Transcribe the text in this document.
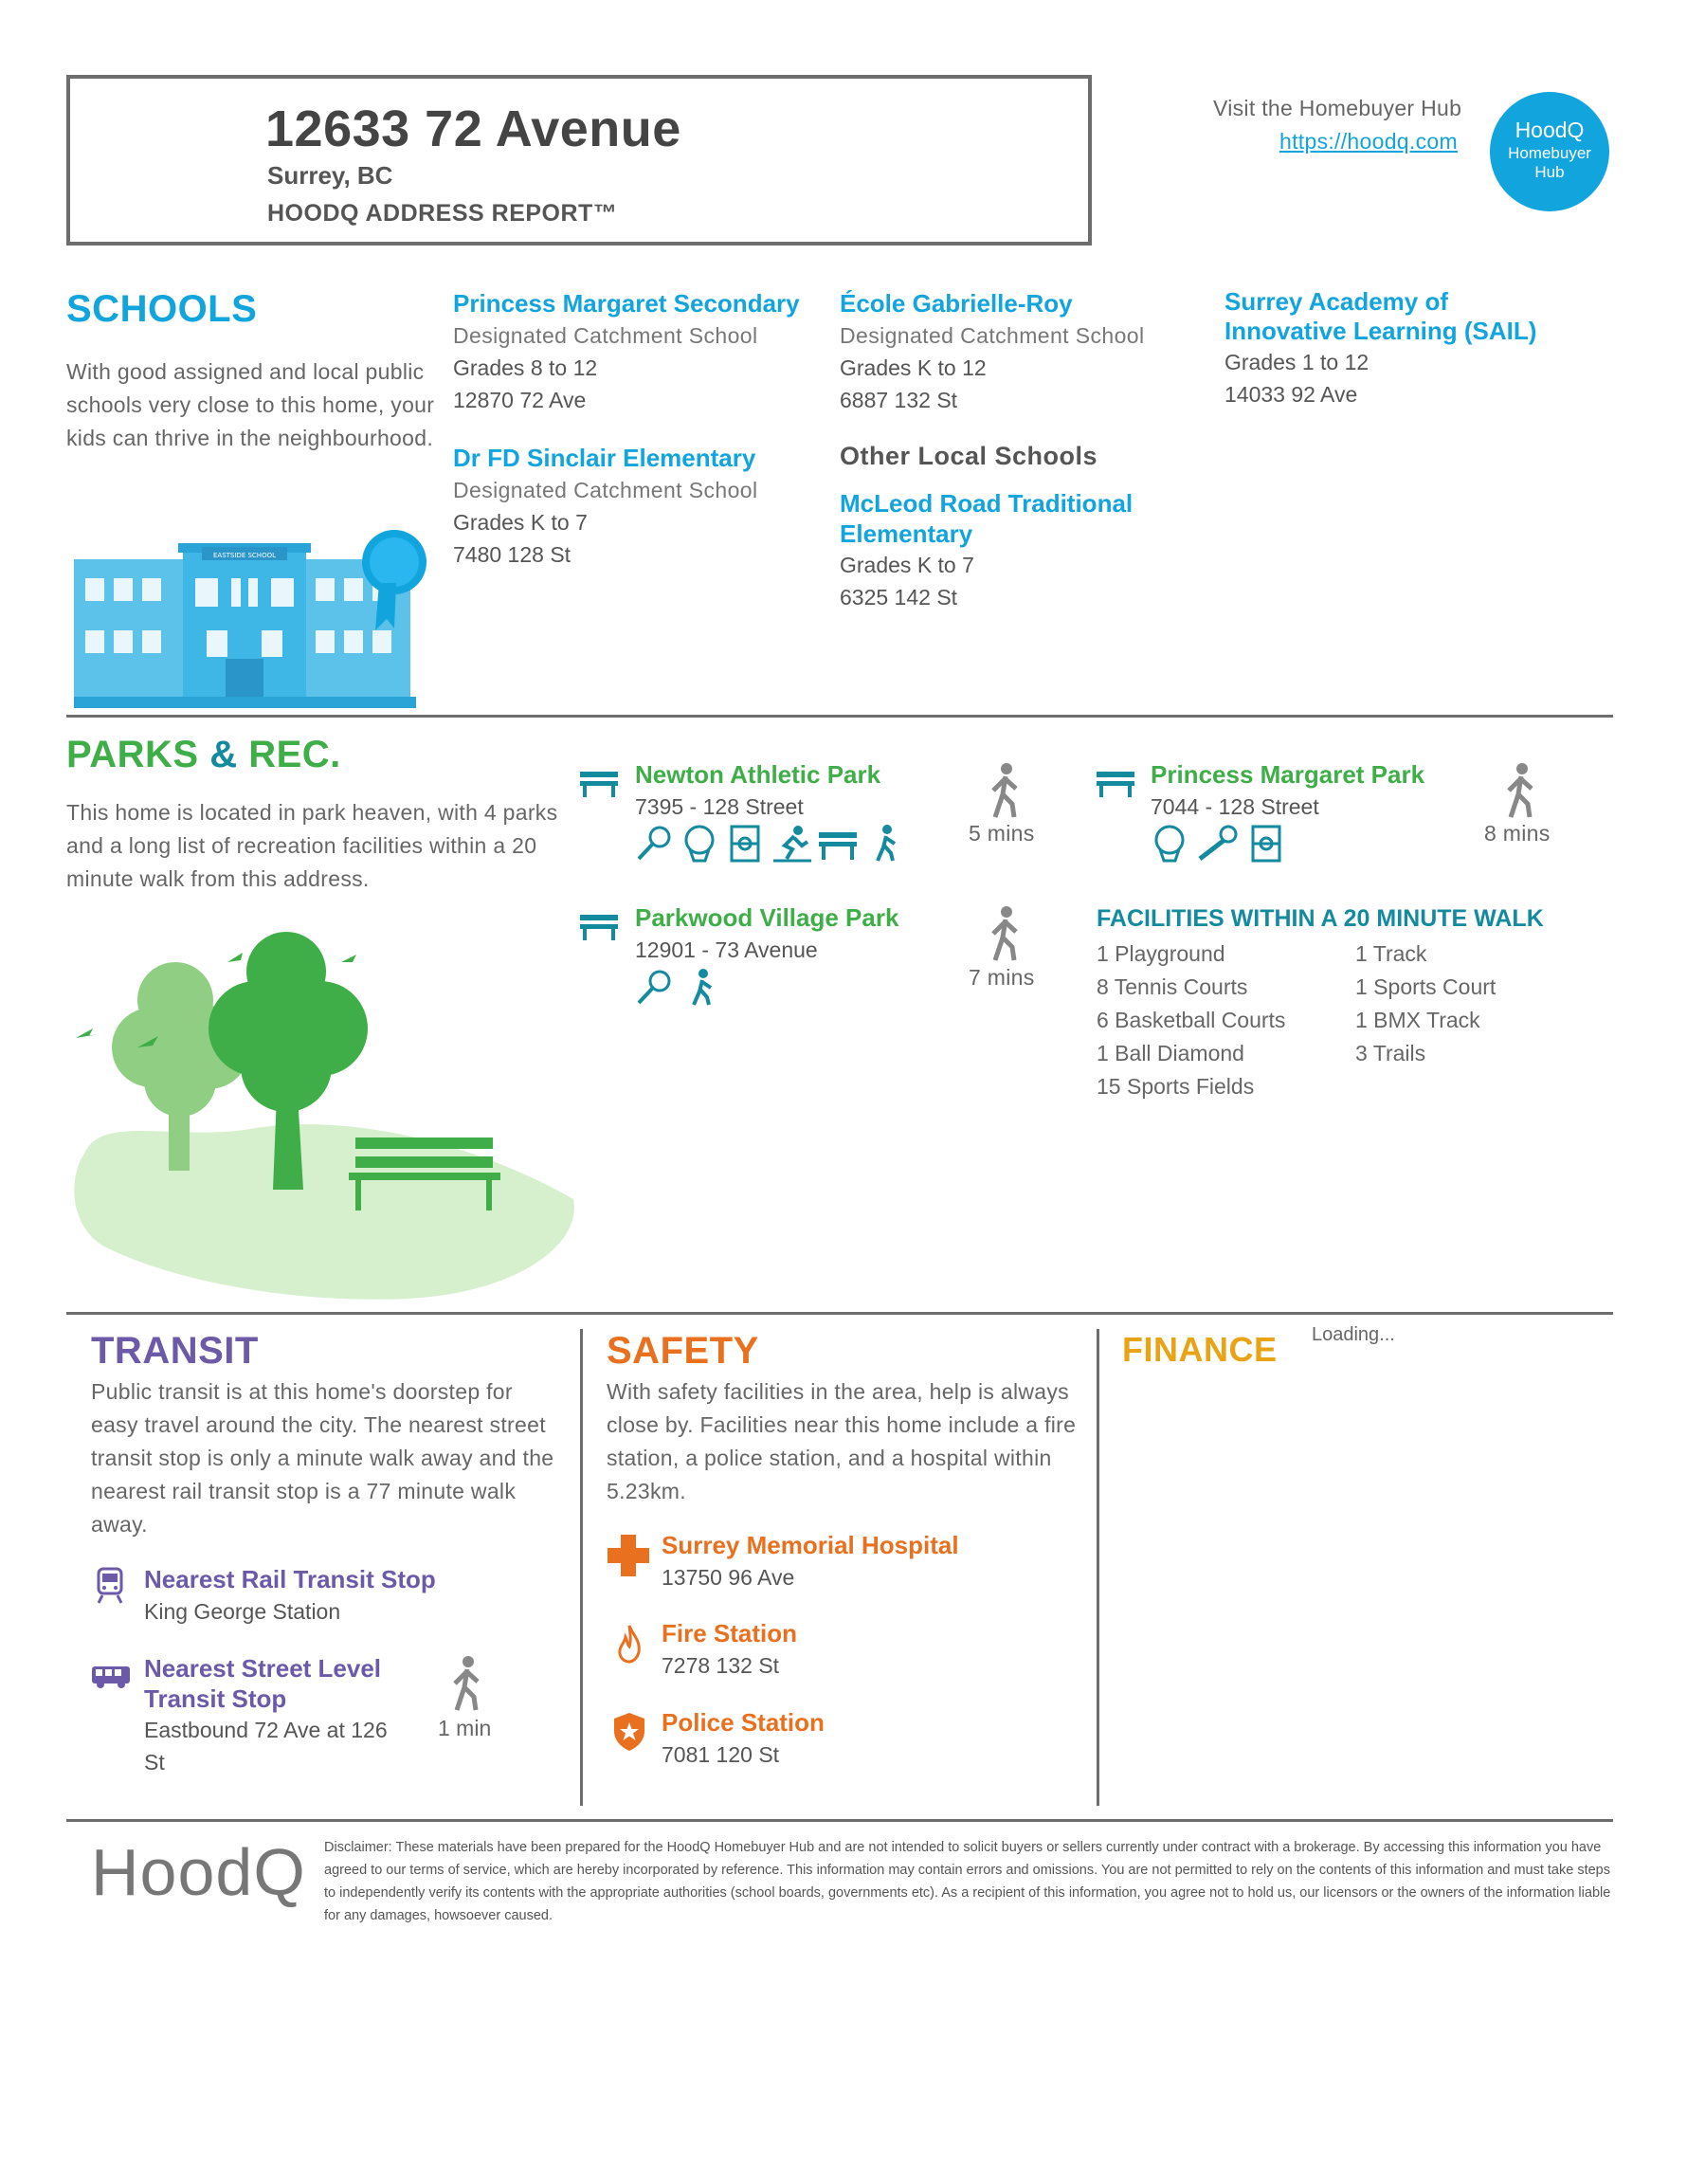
12633 72 Avenue
Surrey, BC
HOODQ ADDRESS REPORT™
Visit the Homebuyer Hub
https://hoodq.com	HoodQ
Homebuyer
Hub
SCHOOLS
With good assigned and local public schools very close to this home, your kids can thrive in the neighbourhood.
EASTSIDE SCHOOL
Princess Margaret Secondary
Designated Catchment School
Grades 8 to 12
12870 72 Ave
École Gabrielle-Roy
Designated Catchment School
Grades K to 12
6887 132 St
Surrey Academy of
Innovative Learning (SAIL)
Grades 1 to 12
14033 92 Ave
Dr FD Sinclair Elementary
Designated Catchment School
Grades K to 7
7480 128 St
Other Local Schools
McLeod Road Traditional
Elementary
Grades K to 7
6325 142 St
PARKS & REC.
This home is located in park heaven, with 4 parks and a long list of recreation facilities within a 20 minute walk from this address.
Newton Athletic Park
7395 - 128 Street
5 mins
Princess Margaret Park
7044 - 128 Street
8 mins
Parkwood Village Park
12901 - 73 Avenue
7 mins
FACILITIES WITHIN A 20 MINUTE WALK
1 Playground
8 Tennis Courts
6 Basketball Courts
1 Ball Diamond
15 Sports Fields
1 Track
1 Sports Court
1 BMX Track
3 Trails
TRANSIT
Public transit is at this home's doorstep for easy travel around the city. The nearest street transit stop is only a minute walk away and the nearest rail transit stop is a 77 minute walk away.
Nearest Rail Transit Stop
King George Station
Nearest Street Level
Transit Stop
Eastbound 72 Ave at 126
St
1 min
SAFETY
With safety facilities in the area, help is always close by. Facilities near this home include a fire station, a police station, and a hospital within 5.23km.
Surrey Memorial Hospital
13750 96 Ave
Fire Station
7278 132 St
Police Station
7081 120 St
FINANCE Loading...
HoodQ Disclaimer: These materials have been prepared for the HoodQ Homebuyer Hub and are not intended to solicit buyers or sellers currently under contract with a brokerage. By accessing this information you have agreed to our terms of service, which are hereby incorporated by reference. This information may contain errors and omissions. You are not permitted to rely on the contents of this information and must take steps to independently verify its contents with the appropriate authorities (school boards, governments etc). As a recipient of this information, you agree not to hold us, our licensors or the owners of the information liable for any damages, howsoever caused.
